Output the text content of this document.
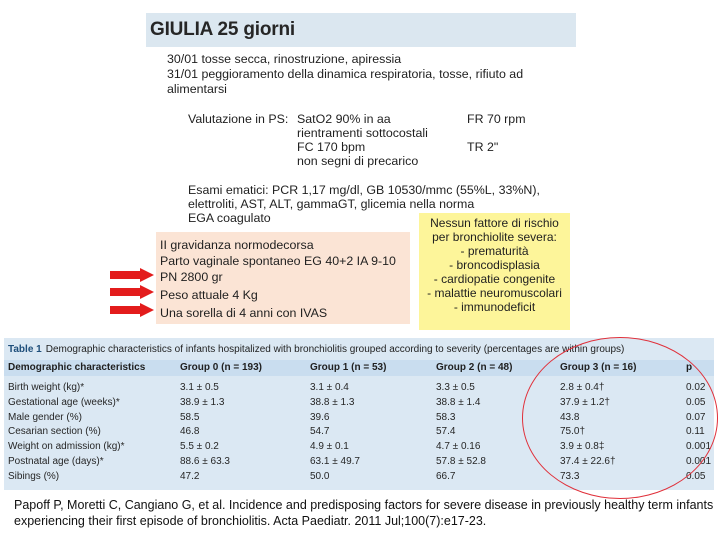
GIULIA 25 giorni
30/01 tosse secca, rinostruzione, apiressia
31/01 peggioramento della dinamica respiratoria, tosse, rifiuto ad
alimentarsi
Valutazione in PS: SatO2 90% in aa
rientramenti sottocostali
FC 170 bpm
non segni di precarico
FR 70 rpm
TR 2"
Esami ematici: PCR 1,17 mg/dl, GB 10530/mmc (55%L, 33%N),
elettroliti, AST, ALT, gammaGT, glicemia nella norma
EGA coagulato
II gravidanza normodecorsa
Parto vaginale spontaneo EG 40+2 IA 9-10
PN 2800 gr
Peso attuale 4 Kg
Una sorella di 4 anni con IVAS
Nessun fattore di rischio
per bronchiolite severa:
- prematurità
- broncodisplasia
- cardiopatie congenite
- malattie neuromuscolari
- immunodeficit
Table 1 Demographic characteristics of infants hospitalized with bronchiolitis grouped according to severity (percentages are within groups)
Demographic characteristics	Group 0 (n = 193)	Group 1 (n = 53)	Group 2 (n = 48)	Group 3 (n = 16)	p
Birth weight (kg)*	3.1 ± 0.5	3.1 ± 0.4	3.3 ± 0.5	2.8 ± 0.4†	0.02
Gestational age (weeks)*	38.9 ± 1.3	38.8 ± 1.3	38.8 ± 1.4	37.9 ± 1.2†	0.05
Male gender (%)	58.5	39.6	58.3	43.8	0.07
Cesarian section (%)	46.8	54.7	57.4	75.0†	0.11
Weight on admission (kg)*	5.5 ± 0.2	4.9 ± 0.1	4.7 ± 0.16	3.9 ± 0.8‡	0.001
Postnatal age (days)*	88.6 ± 63.3	63.1 ± 49.7	57.8 ± 52.8	37.4 ± 22.6†	0.001
Sibings (%)	47.2	50.0	66.7	73.3	0.05
Papoff P, Moretti C, Cangiano G, et al. Incidence and predisposing factors for severe disease in previously healthy term infants experiencing their first episode of bronchiolitis. Acta Paediatr. 2011 Jul;100(7):e17-23.
